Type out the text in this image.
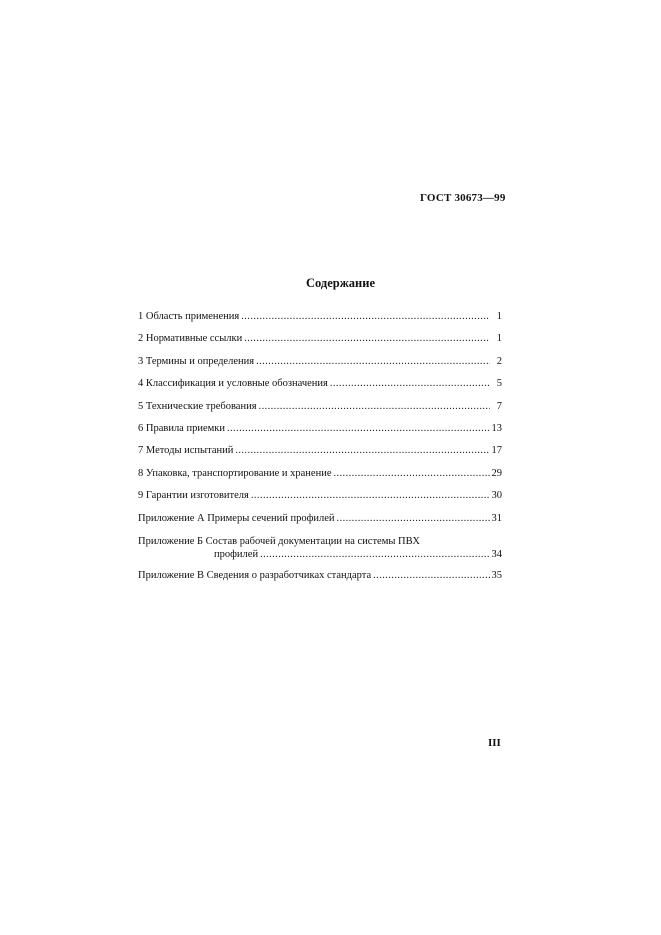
ГОСТ 30673—99
Содержание
1 Область применения .....	1
2 Нормативные ссылки .....	1
3 Термины и определения .....	2
4 Классификация и условные обозначения .....	5
5 Технические требования .....	7
6 Правила приемки .....	13
7 Методы испытаний .....	17
8 Упаковка, транспортирование и хранение .....	29
9 Гарантии изготовителя .....	30
Приложение А Примеры сечений профилей .....	31
Приложение Б Состав рабочей документации на системы ПВХ
профилей .....	34
Приложение В Сведения о разработчиках стандарта .....	35
III
